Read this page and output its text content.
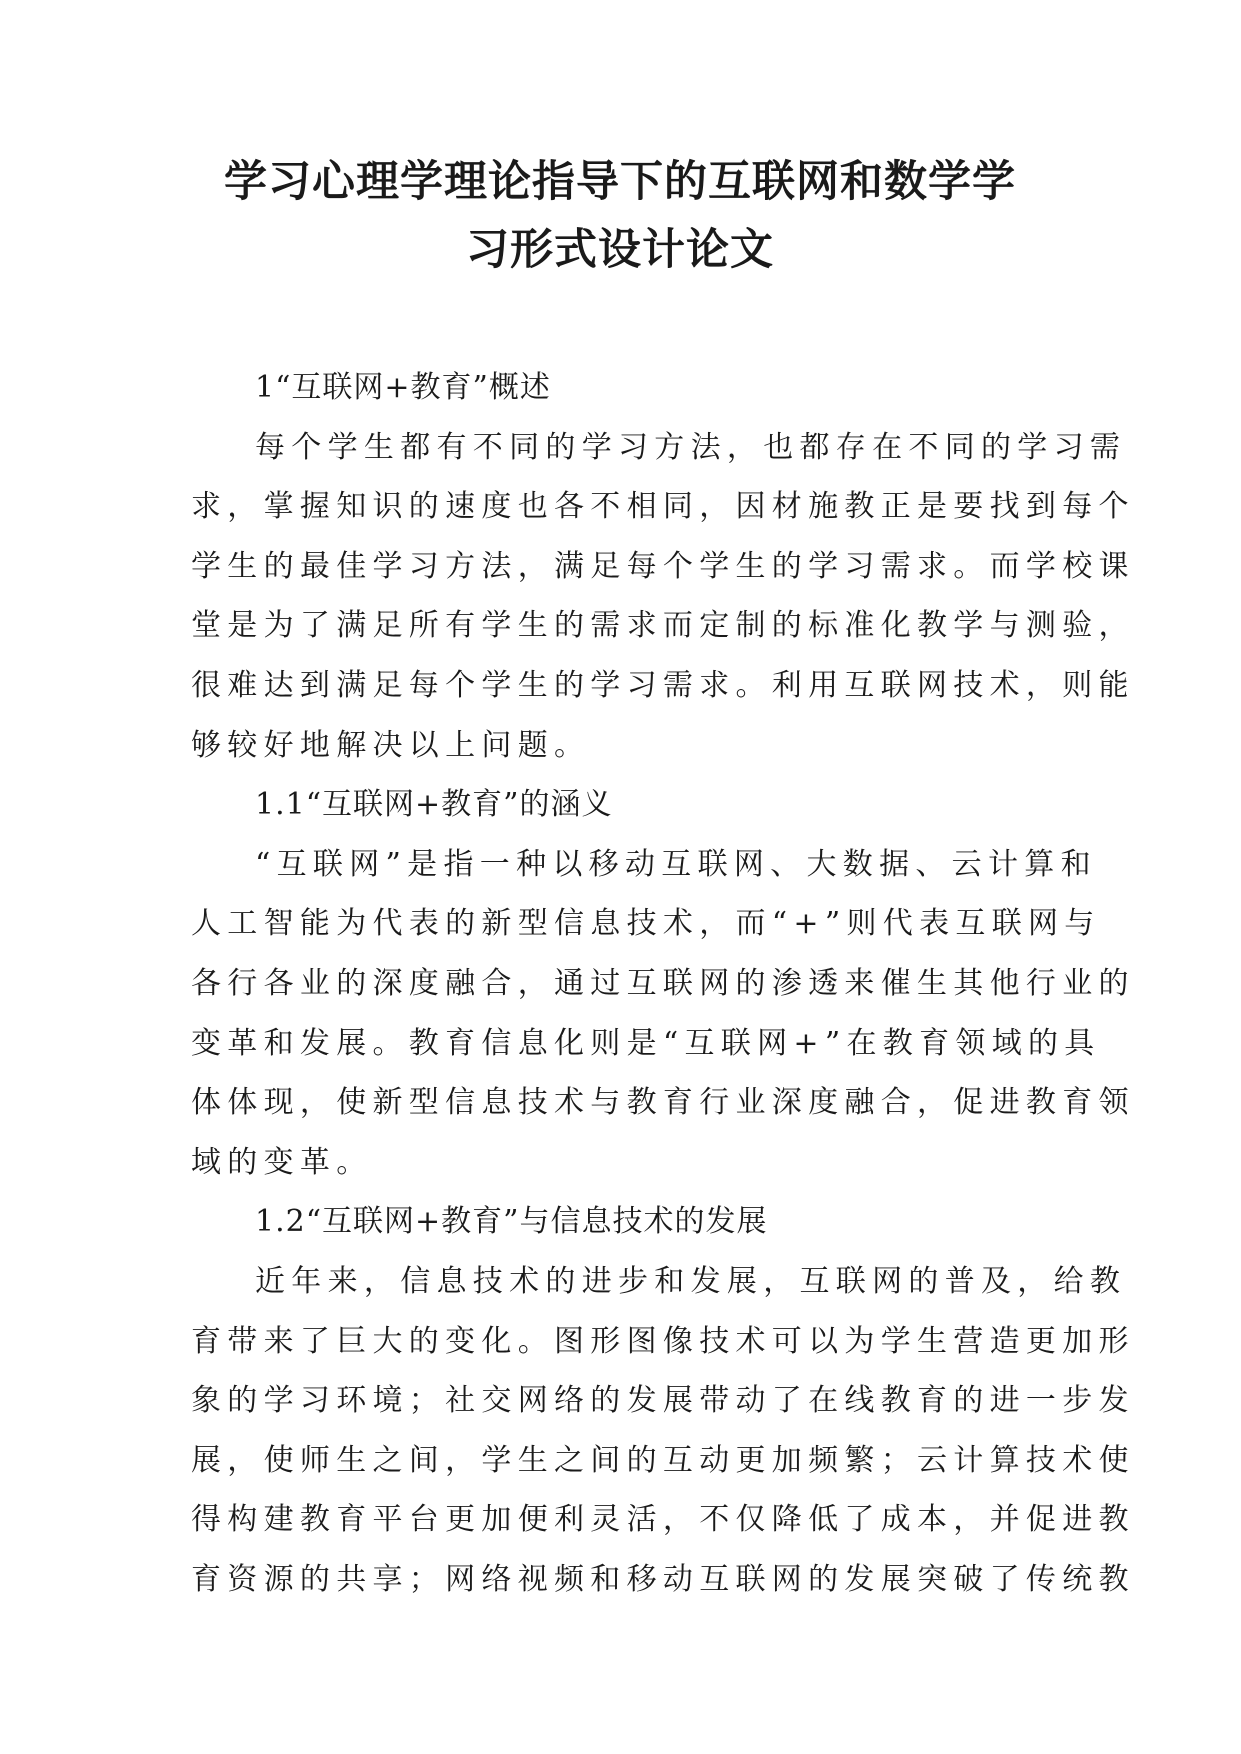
学习心理学理论指导下的互联网和数学学
习形式设计论文
1“互联网+教育”概述
每个学生都有不同的学习方法，也都存在不同的学习需
求，掌握知识的速度也各不相同，因材施教正是要找到每个
学生的最佳学习方法，满足每个学生的学习需求。而学校课
堂是为了满足所有学生的需求而定制的标准化教学与测验，
很难达到满足每个学生的学习需求。利用互联网技术，则能
够较好地解决以上问题。
1.1“互联网+教育”的涵义
“互联网”是指一种以移动互联网、大数据、云计算和
人工智能为代表的新型信息技术，而“+”则代表互联网与
各行各业的深度融合，通过互联网的渗透来催生其他行业的
变革和发展。教育信息化则是“互联网+”在教育领域的具
体体现，使新型信息技术与教育行业深度融合，促进教育领
域的变革。
1.2“互联网+教育”与信息技术的发展
近年来，信息技术的进步和发展，互联网的普及，给教
育带来了巨大的变化。图形图像技术可以为学生营造更加形
象的学习环境；社交网络的发展带动了在线教育的进一步发
展，使师生之间，学生之间的互动更加频繁；云计算技术使
得构建教育平台更加便利灵活，不仅降低了成本，并促进教
育资源的共享；网络视频和移动互联网的发展突破了传统教
